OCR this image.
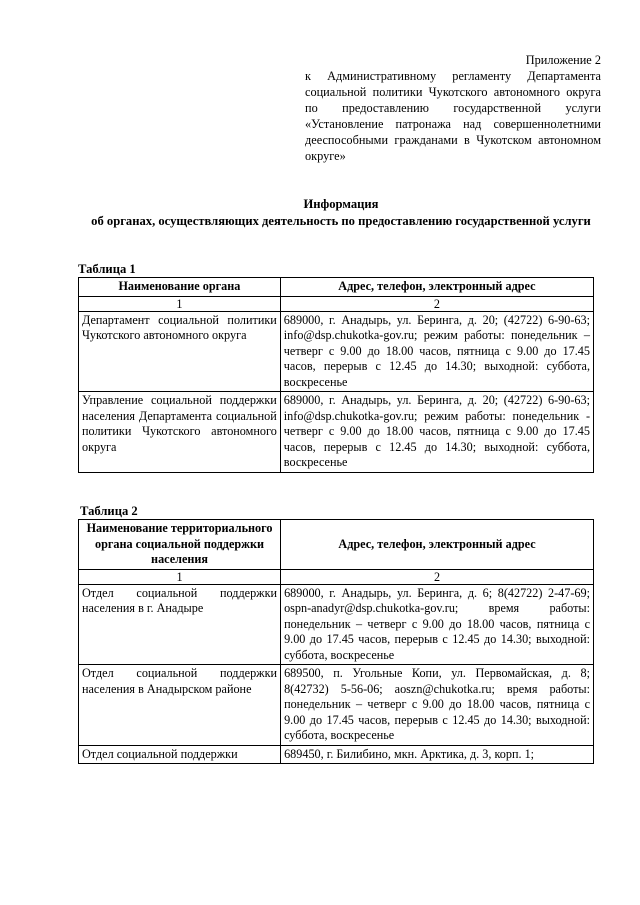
Приложение 2
к Административному регламенту Департамента социальной политики Чукотского автономного округа по предоставлению государственной услуги «Установление патронажа над совершеннолетними дееспособными гражданами в Чукотском автономном округе»
Информация
об органах, осуществляющих деятельность по предоставлению государственной услуги
Таблица 1
Наименование органа	Адрес, телефон, электронный адрес
1	2
Департамент социальной политики Чукотского автономного округа	689000, г. Анадырь, ул. Беринга, д. 20; (42722) 6-90-63; info@dsp.chukotka-gov.ru; режим работы: понедельник – четверг с 9.00 до 18.00 часов, пятница с 9.00 до 17.45 часов, перерыв с 12.45 до 14.30; выходной: суббота, воскресенье
Управление социальной поддержки населения Департамента социальной политики Чукотского автономного округа	689000, г. Анадырь, ул. Беринга, д. 20; (42722) 6-90-63; info@dsp.chukotka-gov.ru; режим работы: понедельник - четверг с 9.00 до 18.00 часов, пятница с 9.00 до 17.45 часов, перерыв с 12.45 до 14.30; выходной: суббота, воскресенье
Таблица 2
Наименование территориального органа социальной поддержки населения	Адрес, телефон, электронный адрес
1	2
Отдел социальной поддержки населения в г. Анадыре	689000, г. Анадырь, ул. Беринга, д. 6; 8(42722) 2-47-69; ospn-anadyr@dsp.chukotka-gov.ru; время работы: понедельник – четверг с 9.00 до 18.00 часов, пятница с 9.00 до 17.45 часов, перерыв с 12.45 до 14.30; выходной: суббота, воскресенье
Отдел социальной поддержки населения в Анадырском районе	689500, п. Угольные Копи, ул. Первомайская, д. 8; 8(42732) 5-56-06; aoszn@chukotka.ru; время работы: понедельник – четверг с 9.00 до 18.00 часов, пятница с 9.00 до 17.45 часов, перерыв с 12.45 до 14.30; выходной: суббота, воскресенье
Отдел социальной поддержки	689450, г. Билибино, мкн. Арктика, д. 3, корп. 1;
